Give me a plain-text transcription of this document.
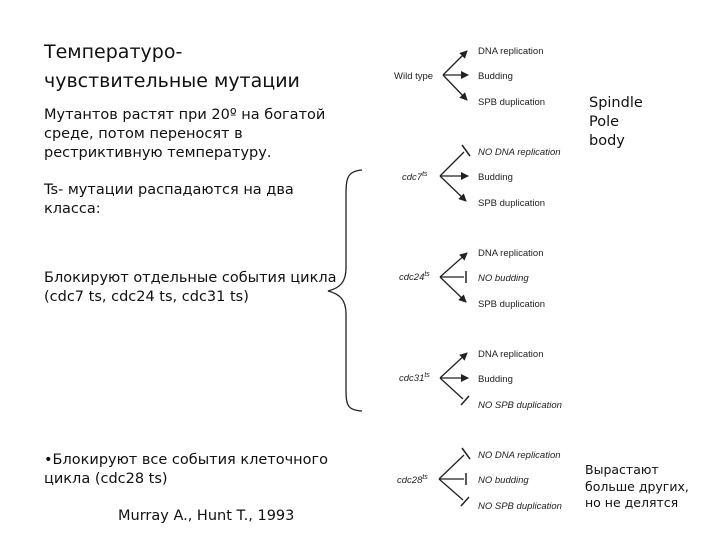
Температуро-
чувствительные мутации
Мутантов растят при 20º на богатой
среде, потом переносят в
рестриктивную температуру.
Ts- мутации распадаются на два
класса:
Блокируют отдельные события цикла
(cdc7 ts, cdc24 ts, cdc31 ts)
•Блокируют все события клеточного
цикла (cdc28 ts)
Murray A., Hunt T., 1993
Spindle
Pole
body
Вырастают
больше других,
но не делятся
Wild type
DNA replication
Budding
SPB duplication
$cdc7^{ts}$
NO DNA replication
Budding
SPB duplication
$cdc24^{ts}$
DNA replication
NO budding
SPB duplication
$cdc31^{ts}$
DNA replication
Budding
NO SPB duplication
$cdc28^{ts}$
NO DNA replication
NO budding
NO SPB duplication
